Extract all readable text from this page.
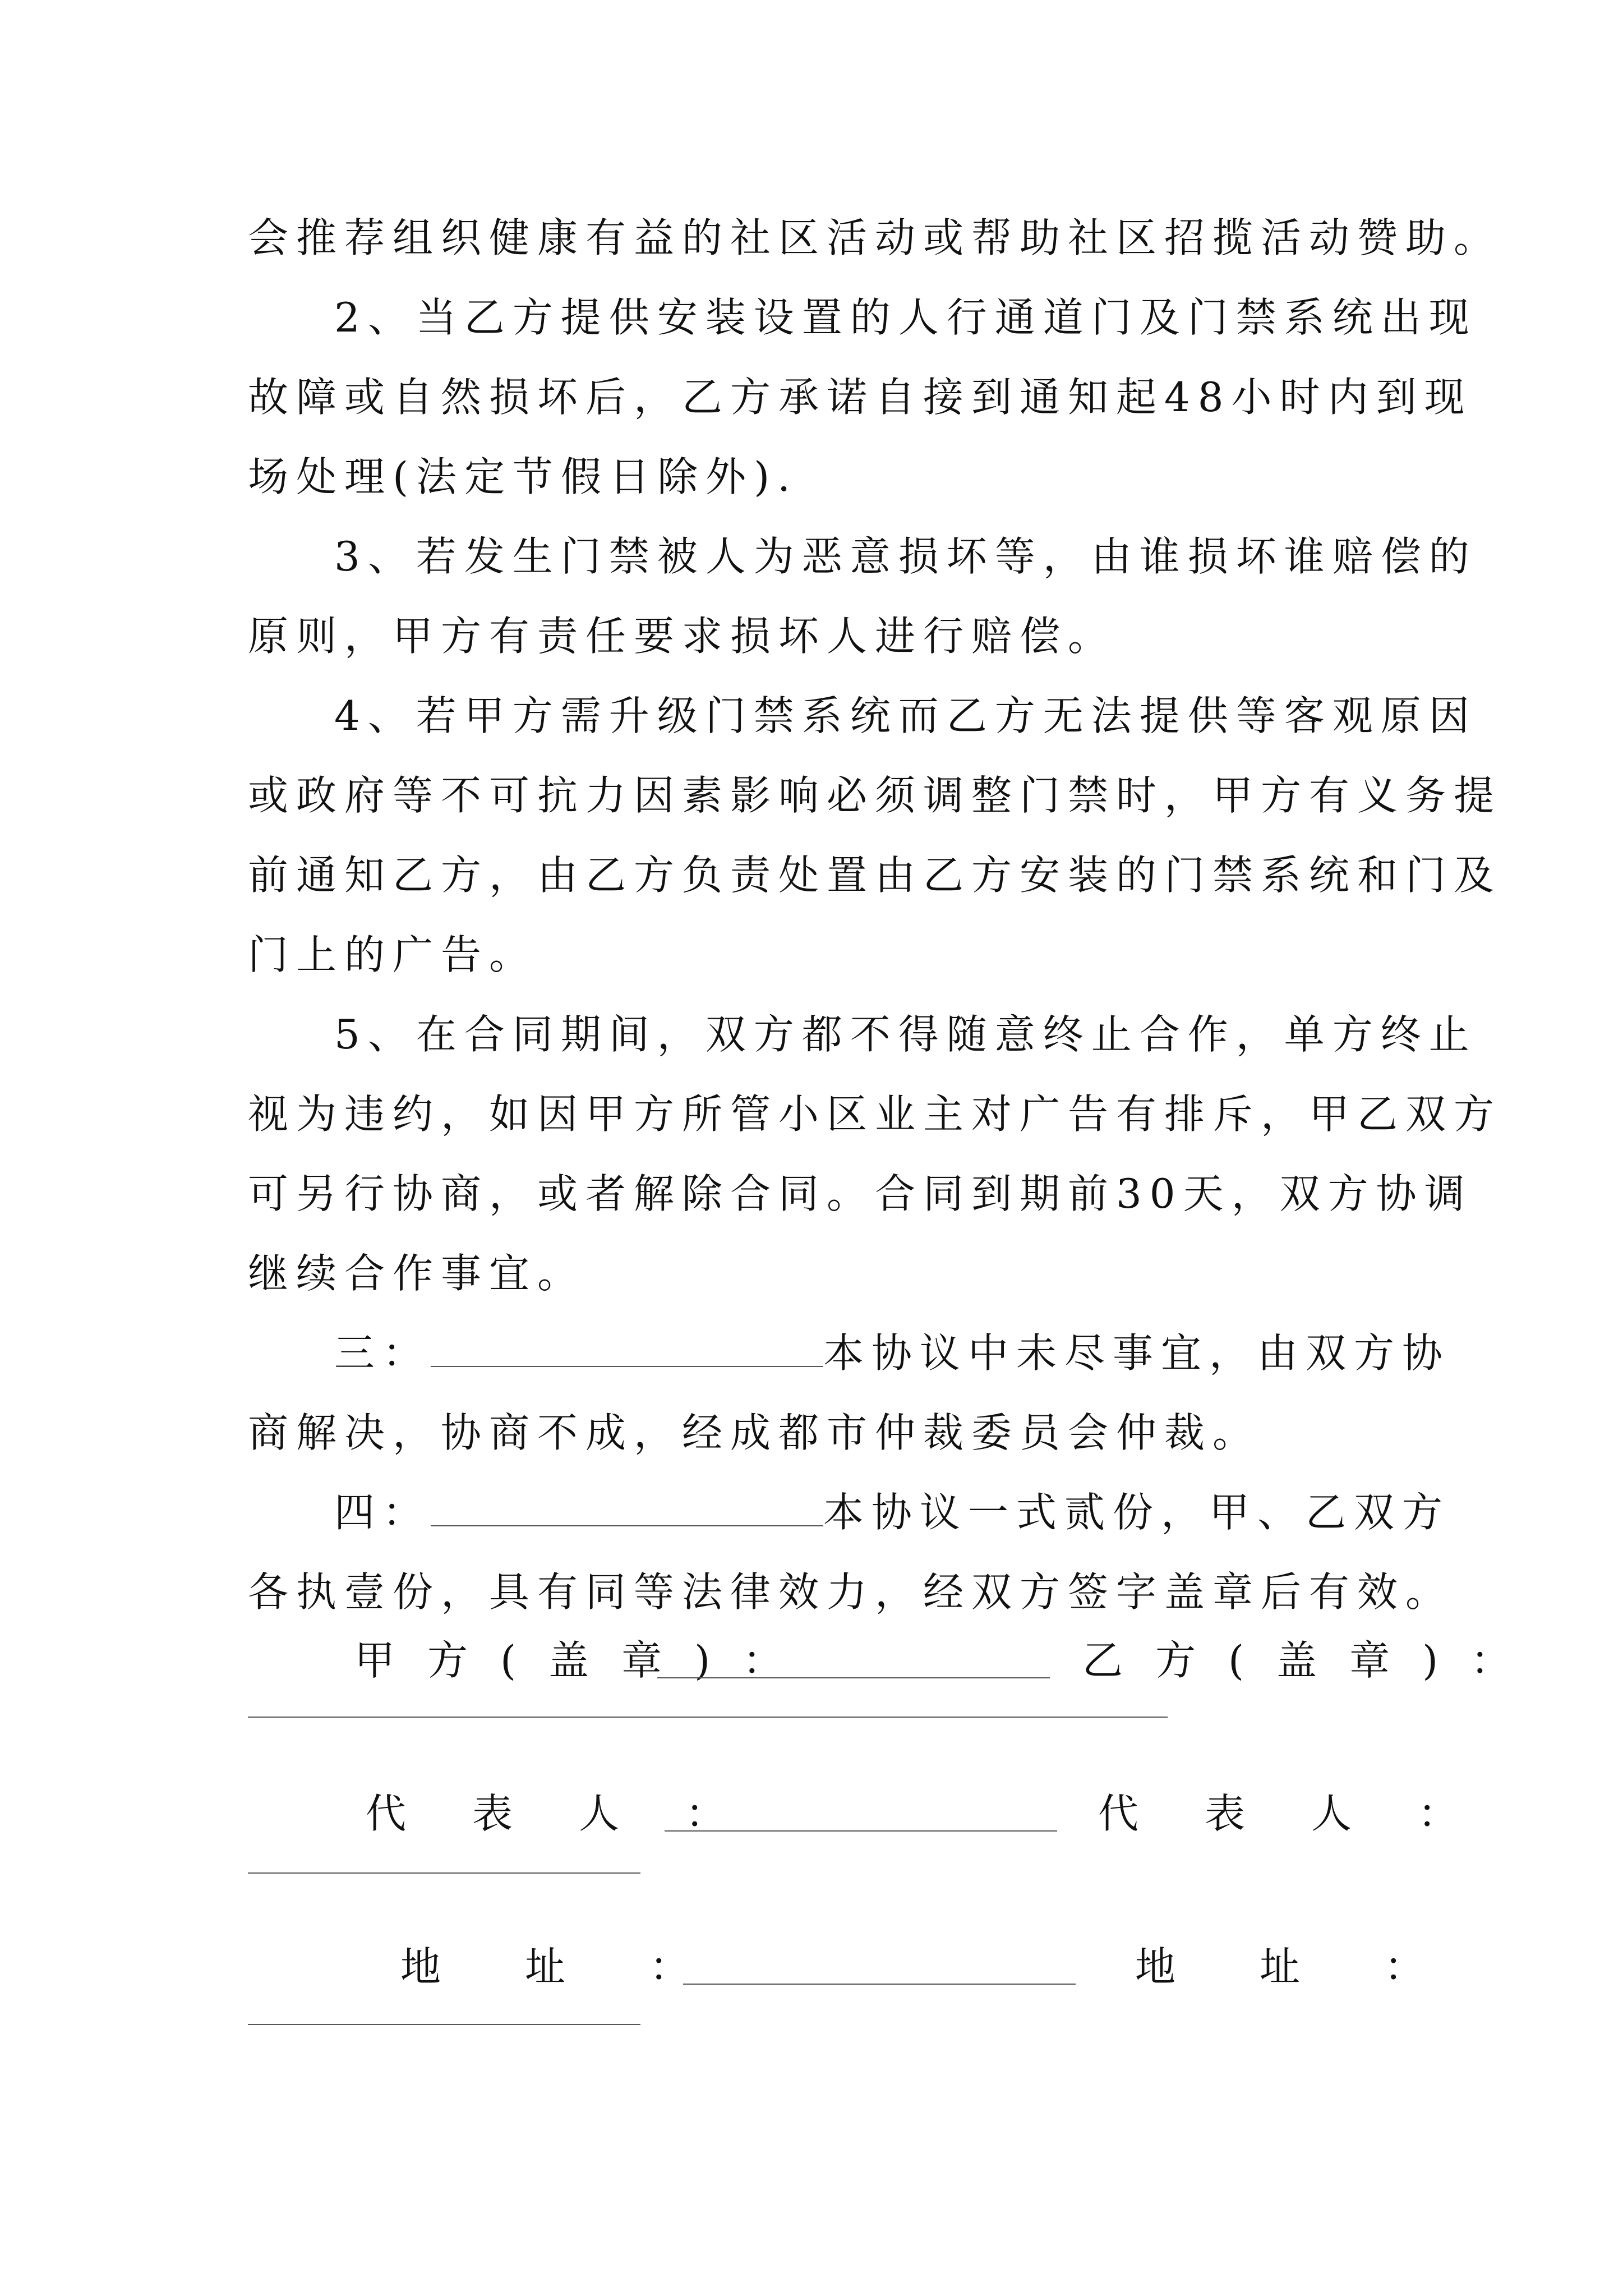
会推荐组织健康有益的社区活动或帮助社区招揽活动赞助。
2、当乙方提供安装设置的人行通道门及门禁系统出现
故障或自然损坏后，乙方承诺自接到通知起48小时内到现
场处理(法定节假日除外).
3、若发生门禁被人为恶意损坏等，由谁损坏谁赔偿的
原则，甲方有责任要求损坏人进行赔偿。
4、若甲方需升级门禁系统而乙方无法提供等客观原因
或政府等不可抗力因素影响必须调整门禁时，甲方有义务提
前通知乙方，由乙方负责处置由乙方安装的门禁系统和门及
门上的广告。
5、在合同期间，双方都不得随意终止合作，单方终止
视为违约，如因甲方所管小区业主对广告有排斥，甲乙双方
可另行协商，或者解除合同。合同到期前30天，双方协调
继续合作事宜。
三：	本协议中未尽事宜，由双方协
商解决，协商不成，经成都市仲裁委员会仲裁。
四：	本协议一式贰份，甲、乙双方
各执壹份，具有同等法律效力，经双方签字盖章后有效。
甲方(盖章)：	乙方(盖章)：
代表人：	代表人：
地址：	地址：
